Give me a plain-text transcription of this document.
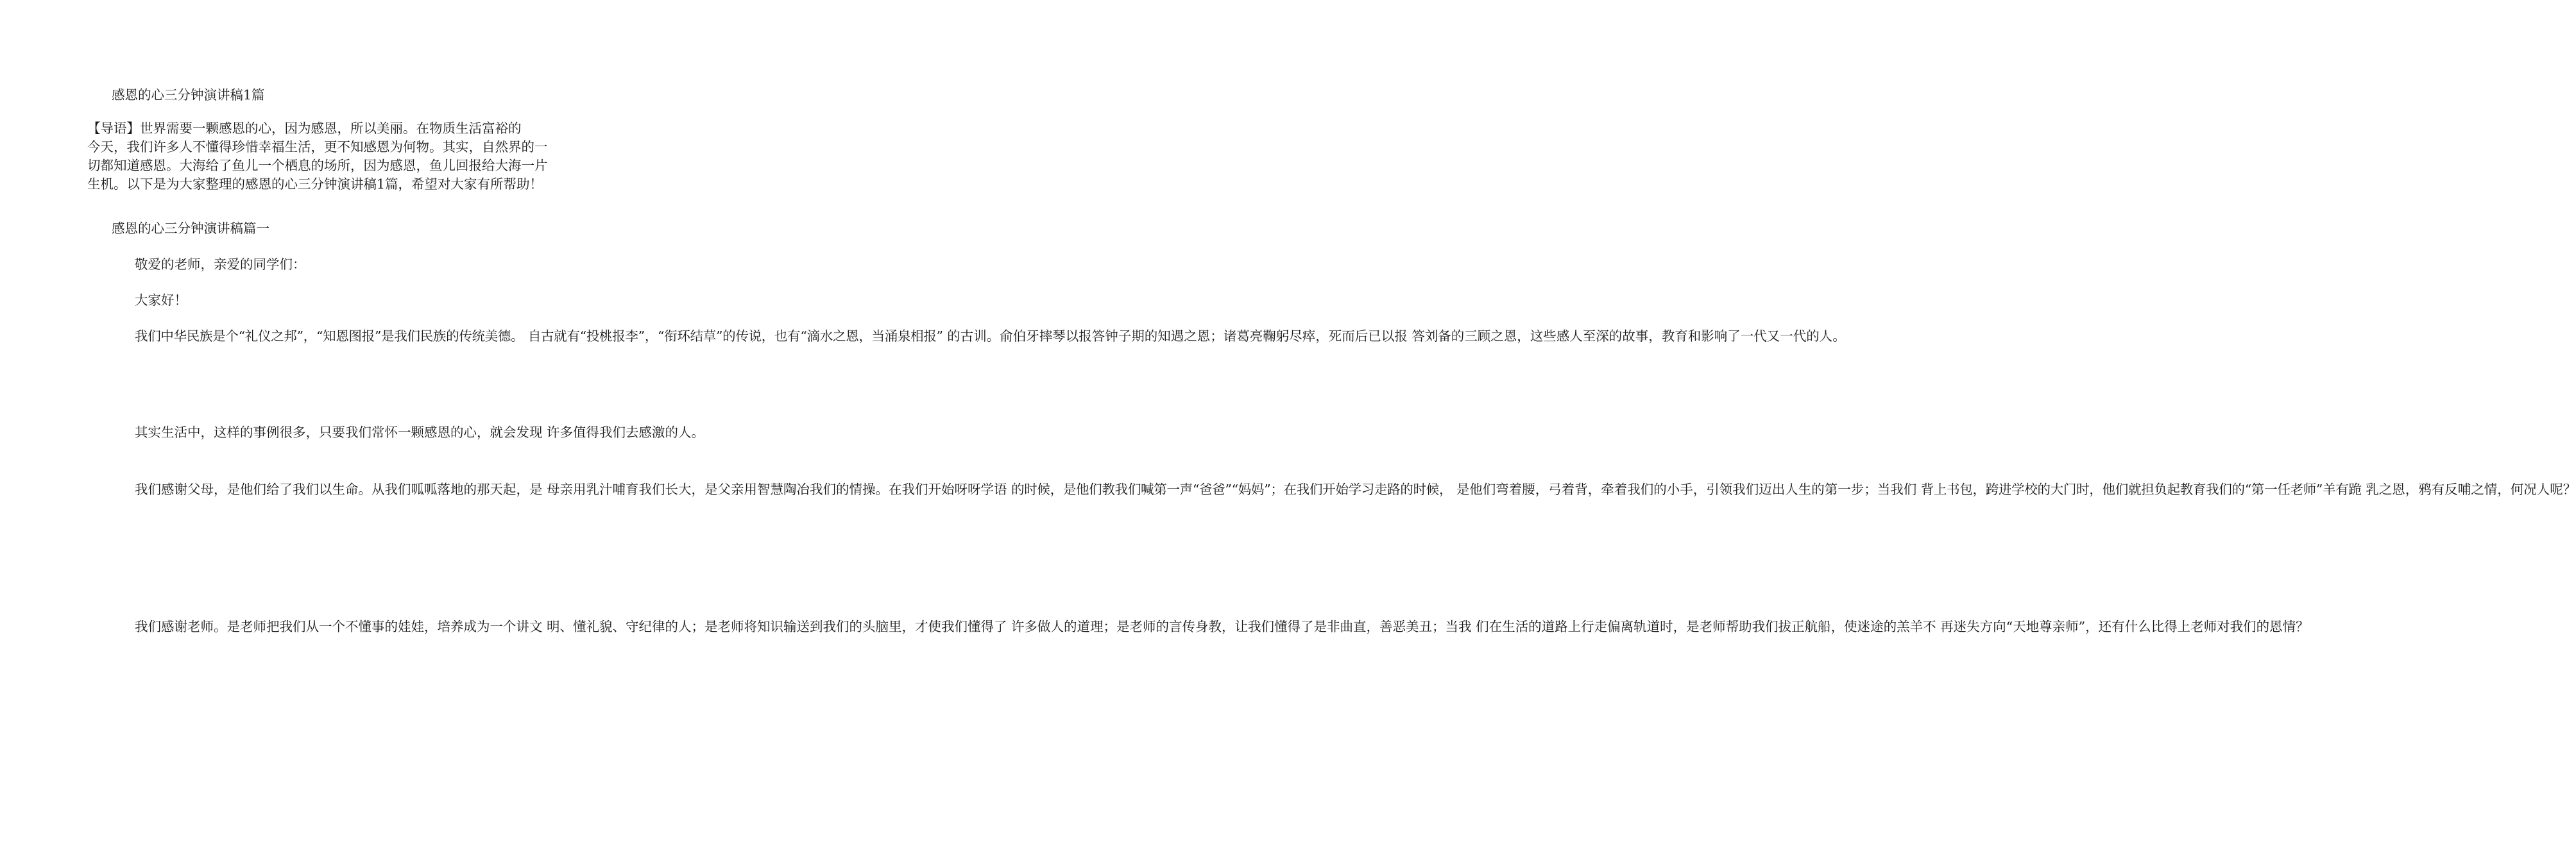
感恩的心三分钟演讲稿1篇

【导语】世界需要一颗感恩的心，因为感恩，所以美丽。在物质生活富裕的
今天，我们许多人不懂得珍惜幸福生活，更不知感恩为何物。其实，自然界的一
切都知道感恩。大海给了鱼儿一个栖息的场所，因为感恩，鱼儿回报给大海一片
生机。以下是为大家整理的感恩的心三分钟演讲稿1篇，希望对大家有所帮助！

感恩的心三分钟演讲稿篇一

敬爱的老师，亲爱的同学们：

大家好！

我们中华民族是个“礼仪之邦”，“知恩图报”是我们民族的传统美德。 自古就有“投桃报李”，“衔环结草”的传说，也有“滴水之恩，当涌泉相报” 的古训。俞伯牙摔琴以报答钟子期的知遇之恩；诸葛亮鞠躬尽瘁，死而后已以报 答刘备的三顾之恩，这些感人至深的故事，教育和影响了一代又一代的人。
其实生活中，这样的事例很多，只要我们常怀一颗感恩的心，就会发现 许多值得我们去感激的人。
我们感谢父母，是他们给了我们以生命。从我们呱呱落地的那天起，是 母亲用乳汁哺育我们长大，是父亲用智慧陶冶我们的情操。在我们开始呀呀学语 的时候，是他们教我们喊第一声“爸爸”“妈妈”；在我们开始学习走路的时候， 是他们弯着腰，弓着背，牵着我们的小手，引领我们迈出人生的第一步；当我们 背上书包，跨进学校的大门时，他们就担负起教育我们的“第一任老师”羊有跪 乳之恩，鸦有反哺之情，何况人呢？
我们感谢老师。是老师把我们从一个不懂事的娃娃，培养成为一个讲文 明、懂礼貌、守纪律的人；是老师将知识输送到我们的头脑里，才使我们懂得了 许多做人的道理；是老师的言传身教，让我们懂得了是非曲直，善恶美丑；当我 们在生活的道路上行走偏离轨道时，是老师帮助我们拔正航船，使迷途的羔羊不 再迷失方向“天地尊亲师”，还有什么比得上老师对我们的恩情？
